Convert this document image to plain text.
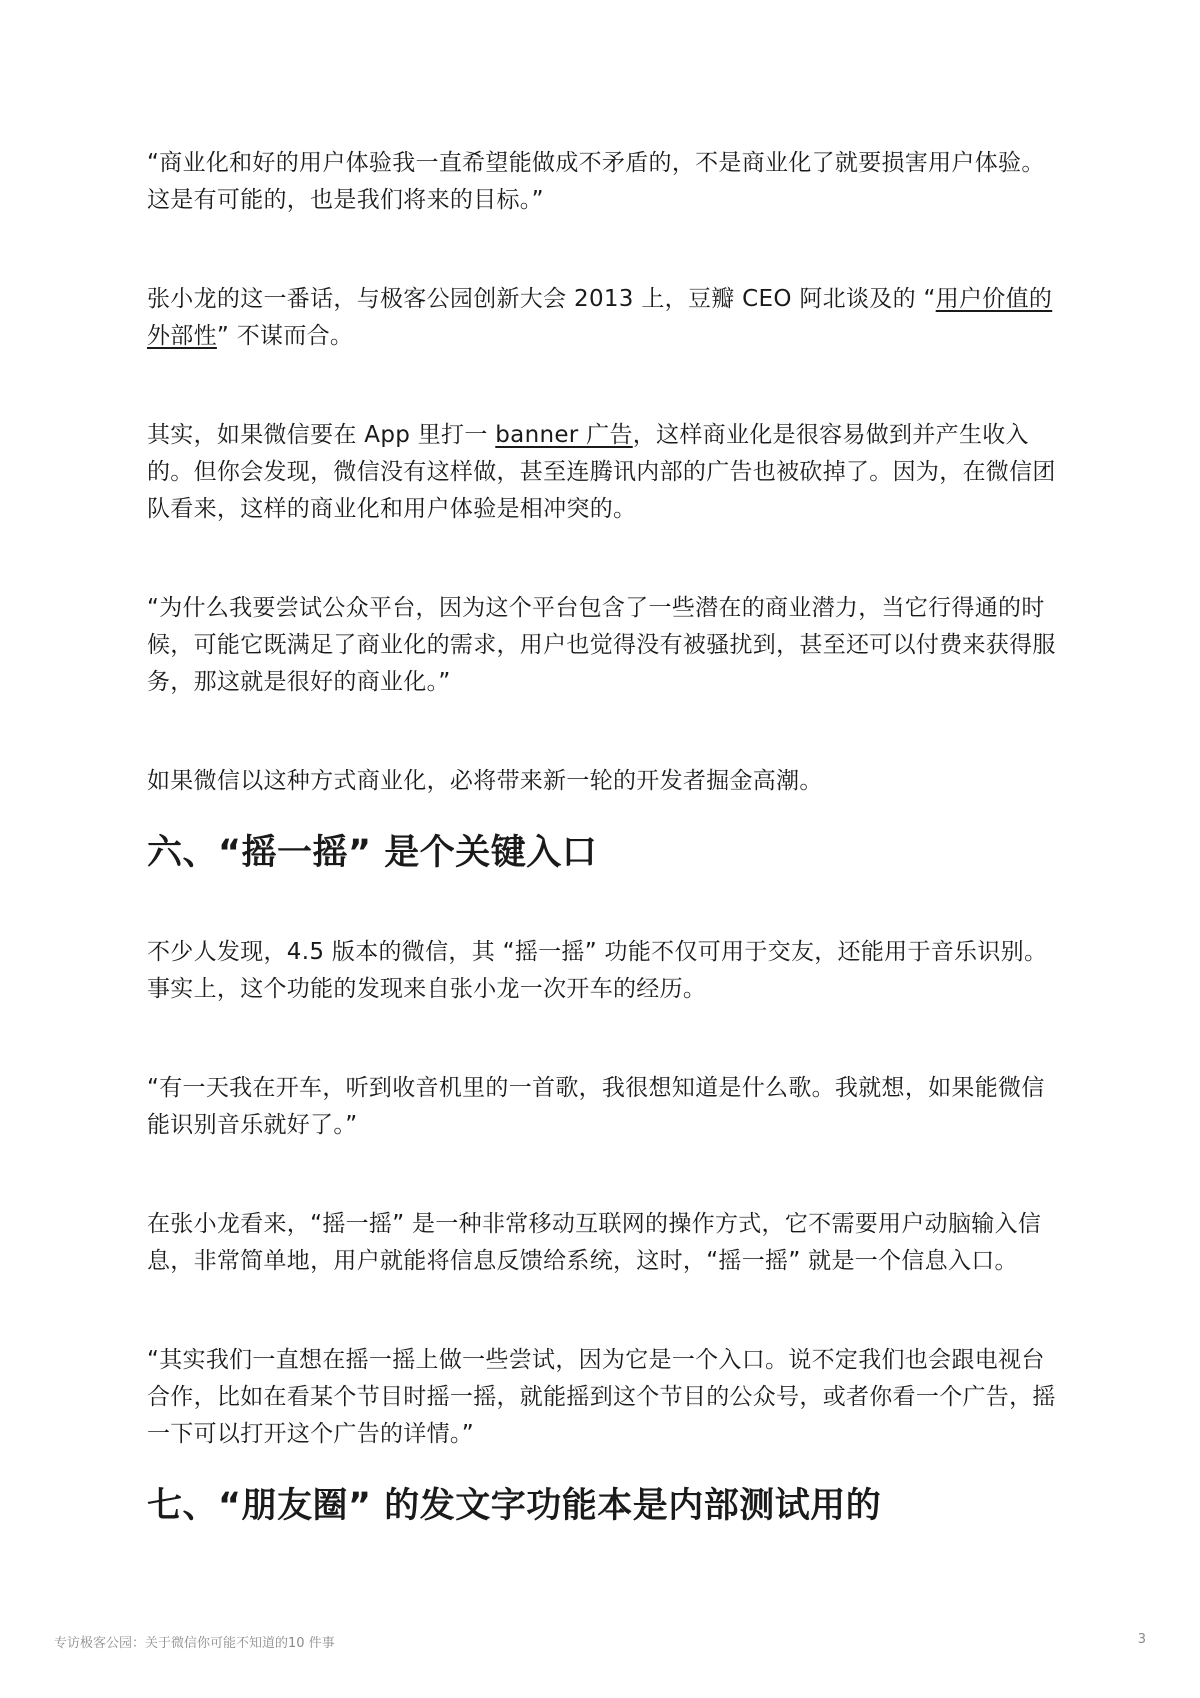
“商业化和好的用户体验我一直希望能做成不矛盾的，不是商业化了就要损害用户体验。这是有可能的，也是我们将来的目标。”

张小龙的这一番话，与极客公园创新大会 2013 上，豆瓣 CEO 阿北谈及的 “用户价值的外部性” 不谋而合。

其实，如果微信要在 App 里打一 banner 广告，这样商业化是很容易做到并产生收入的。但你会发现，微信没有这样做，甚至连腾讯内部的广告也被砍掉了。因为，在微信团队看来，这样的商业化和用户体验是相冲突的。

“为什么我要尝试公众平台，因为这个平台包含了一些潜在的商业潜力，当它行得通的时候，可能它既满足了商业化的需求，用户也觉得没有被骚扰到，甚至还可以付费来获得服务，那这就是很好的商业化。”

如果微信以这种方式商业化，必将带来新一轮的开发者掘金高潮。

六、“摇一摇” 是个关键入口

不少人发现，4.5 版本的微信，其 “摇一摇” 功能不仅可用于交友，还能用于音乐识别。事实上，这个功能的发现来自张小龙一次开车的经历。

“有一天我在开车，听到收音机里的一首歌，我很想知道是什么歌。我就想，如果能微信能识别音乐就好了。”

在张小龙看来，“摇一摇” 是一种非常移动互联网的操作方式，它不需要用户动脑输入信息，非常简单地，用户就能将信息反馈给系统，这时，“摇一摇” 就是一个信息入口。

“其实我们一直想在摇一摇上做一些尝试，因为它是一个入口。说不定我们也会跟电视台合作，比如在看某个节目时摇一摇，就能摇到这个节目的公众号，或者你看一个广告，摇一下可以打开这个广告的详情。”

七、“朋友圈” 的发文字功能本是内部测试用的
专访极客公园：关于微信你可能不知道的10 件事	3
